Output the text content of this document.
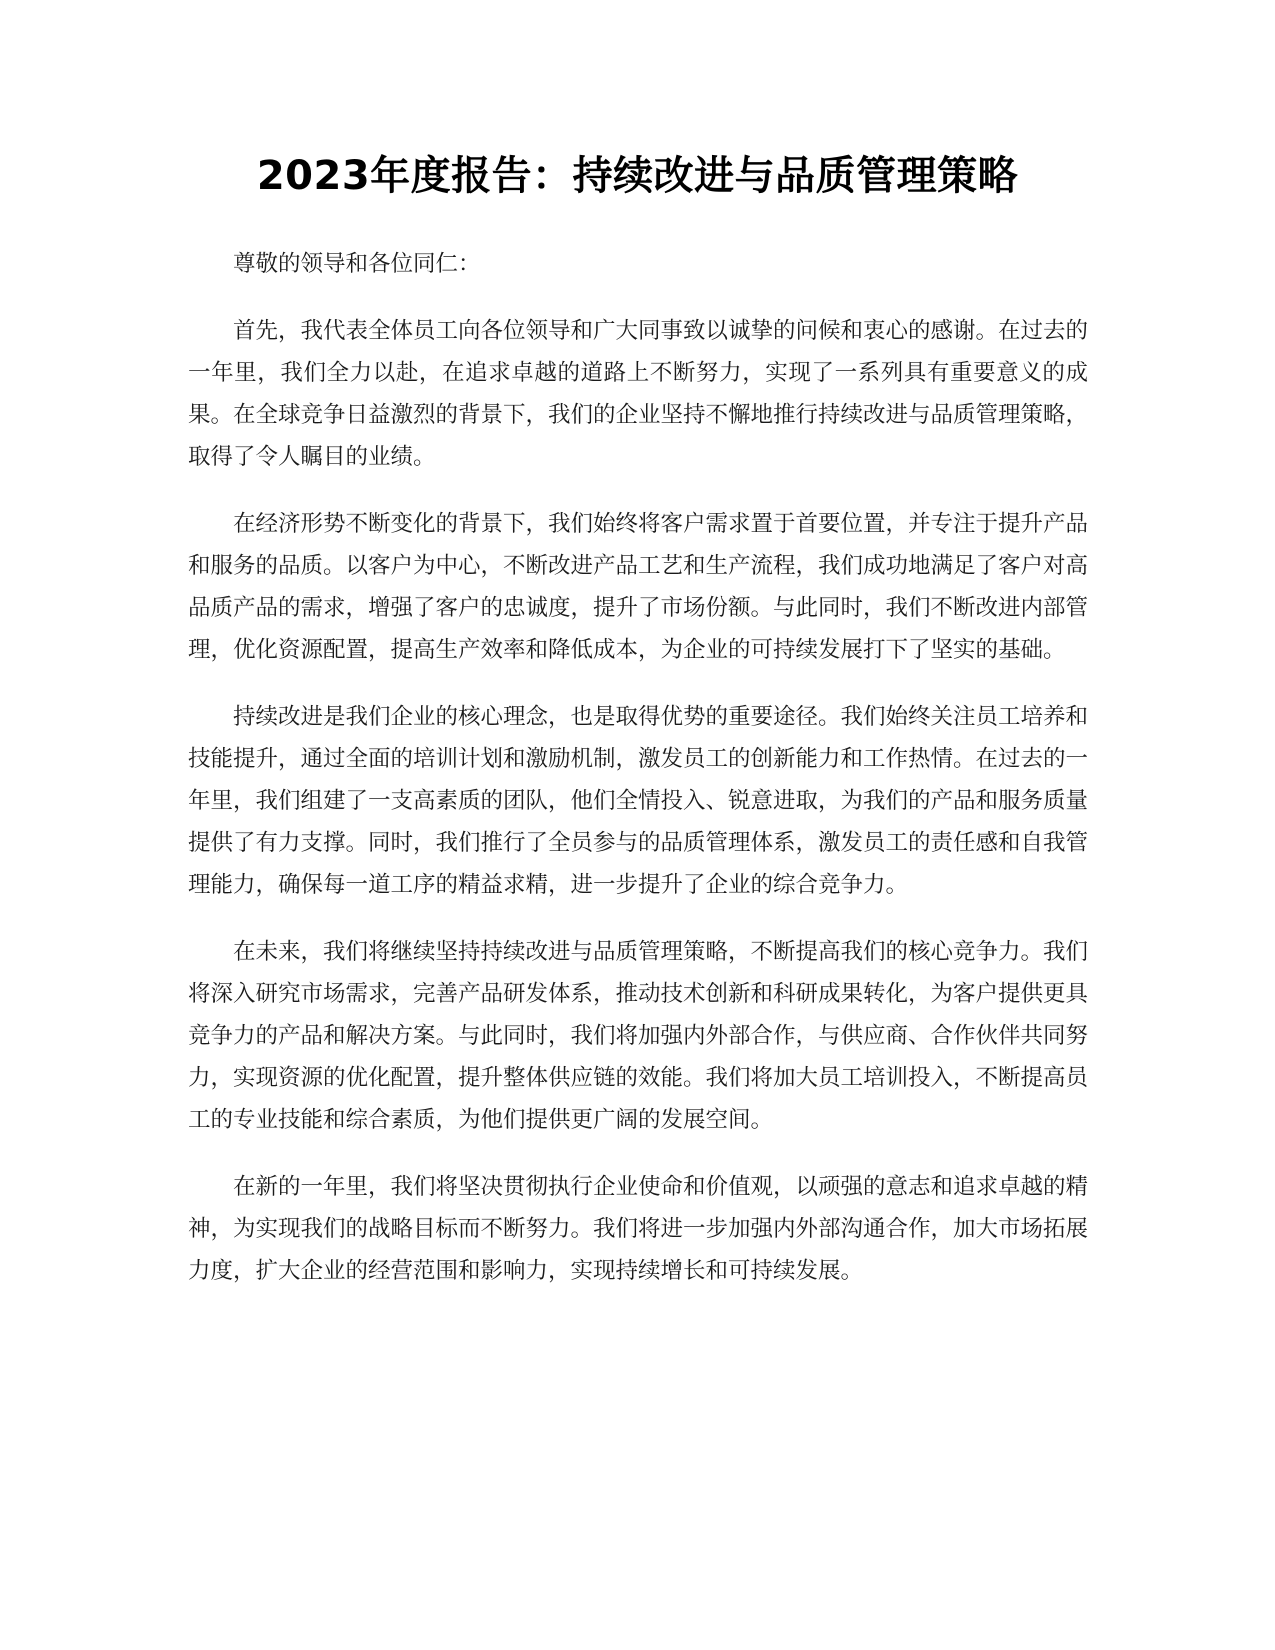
2023年度报告：持续改进与品质管理策略

尊敬的领导和各位同仁：

首先，我代表全体员工向各位领导和广大同事致以诚挚的问候和衷心的感谢。在过去的一年里，我们全力以赴，在追求卓越的道路上不断努力，实现了一系列具有重要意义的成果。在全球竞争日益激烈的背景下，我们的企业坚持不懈地推行持续改进与品质管理策略，取得了令人瞩目的业绩。

在经济形势不断变化的背景下，我们始终将客户需求置于首要位置，并专注于提升产品和服务的品质。以客户为中心，不断改进产品工艺和生产流程，我们成功地满足了客户对高品质产品的需求，增强了客户的忠诚度，提升了市场份额。与此同时，我们不断改进内部管理，优化资源配置，提高生产效率和降低成本，为企业的可持续发展打下了坚实的基础。

持续改进是我们企业的核心理念，也是取得优势的重要途径。我们始终关注员工培养和技能提升，通过全面的培训计划和激励机制，激发员工的创新能力和工作热情。在过去的一年里，我们组建了一支高素质的团队，他们全情投入、锐意进取，为我们的产品和服务质量提供了有力支撑。同时，我们推行了全员参与的品质管理体系，激发员工的责任感和自我管理能力，确保每一道工序的精益求精，进一步提升了企业的综合竞争力。

在未来，我们将继续坚持持续改进与品质管理策略，不断提高我们的核心竞争力。我们将深入研究市场需求，完善产品研发体系，推动技术创新和科研成果转化，为客户提供更具竞争力的产品和解决方案。与此同时，我们将加强内外部合作，与供应商、合作伙伴共同努力，实现资源的优化配置，提升整体供应链的效能。我们将加大员工培训投入，不断提高员工的专业技能和综合素质，为他们提供更广阔的发展空间。

在新的一年里，我们将坚决贯彻执行企业使命和价值观，以顽强的意志和追求卓越的精神，为实现我们的战略目标而不断努力。我们将进一步加强内外部沟通合作，加大市场拓展力度，扩大企业的经营范围和影响力，实现持续增长和可持续发展。
